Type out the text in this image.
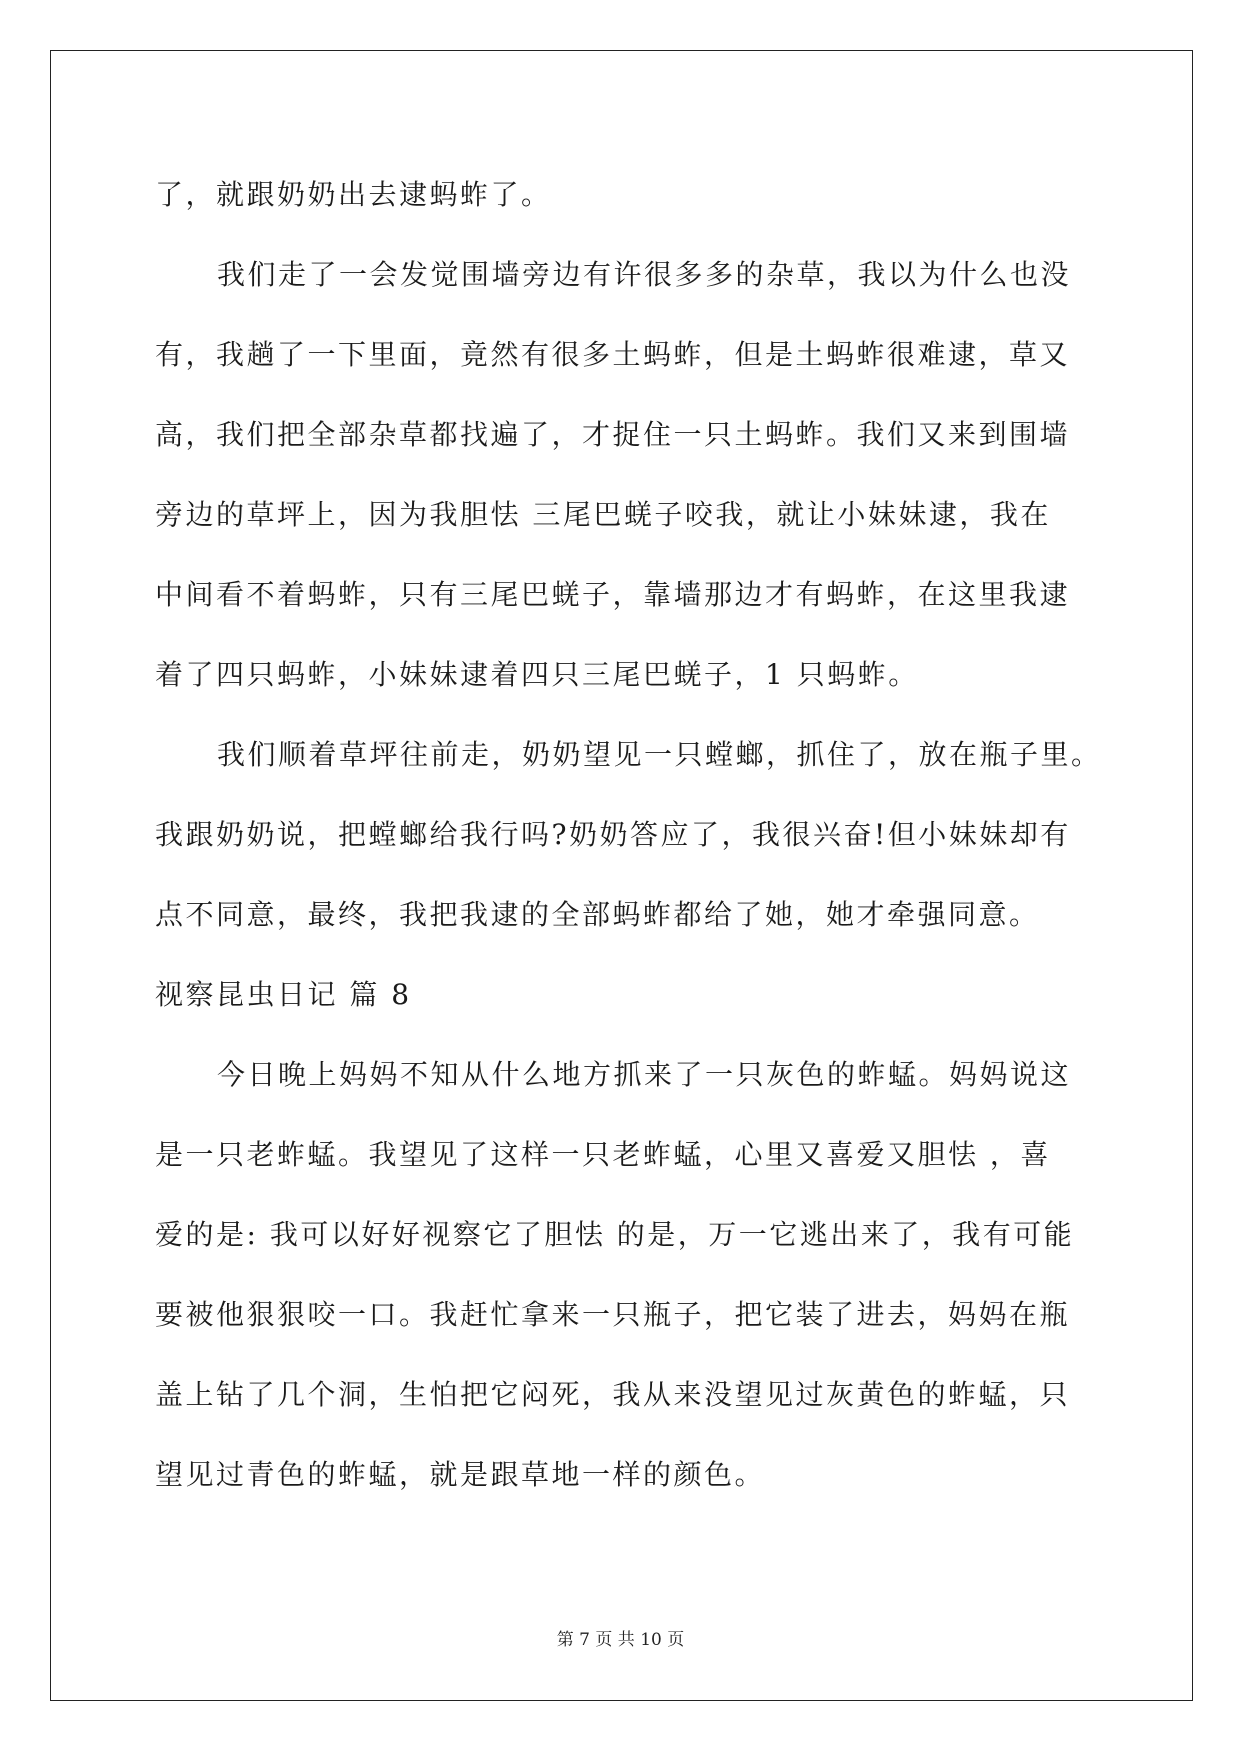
了，就跟奶奶出去逮蚂蚱了。
我们走了一会发觉围墙旁边有许很多多的杂草，我以为什么也没
有，我趟了一下里面，竟然有很多土蚂蚱，但是土蚂蚱很难逮，草又
高，我们把全部杂草都找遍了，才捉住一只土蚂蚱。我们又来到围墙
旁边的草坪上，因为我胆怯 三尾巴蜣子咬我，就让小妹妹逮，我在
中间看不着蚂蚱，只有三尾巴蜣子，靠墙那边才有蚂蚱，在这里我逮
着了四只蚂蚱，小妹妹逮着四只三尾巴蜣子，1 只蚂蚱。
我们顺着草坪往前走，奶奶望见一只螳螂，抓住了，放在瓶子里。
我跟奶奶说，把螳螂给我行吗?奶奶答应了，我很兴奋!但小妹妹却有
点不同意，最终，我把我逮的全部蚂蚱都给了她，她才牵强同意。
视察昆虫日记 篇 8
今日晚上妈妈不知从什么地方抓来了一只灰色的蚱蜢。妈妈说这
是一只老蚱蜢。我望见了这样一只老蚱蜢，心里又喜爱又胆怯 ，喜
爱的是: 我可以好好视察它了胆怯 的是，万一它逃出来了，我有可能
要被他狠狠咬一口。我赶忙拿来一只瓶子，把它装了进去，妈妈在瓶
盖上钻了几个洞，生怕把它闷死，我从来没望见过灰黄色的蚱蜢，只
望见过青色的蚱蜢，就是跟草地一样的颜色。
第 7 页 共 10 页
